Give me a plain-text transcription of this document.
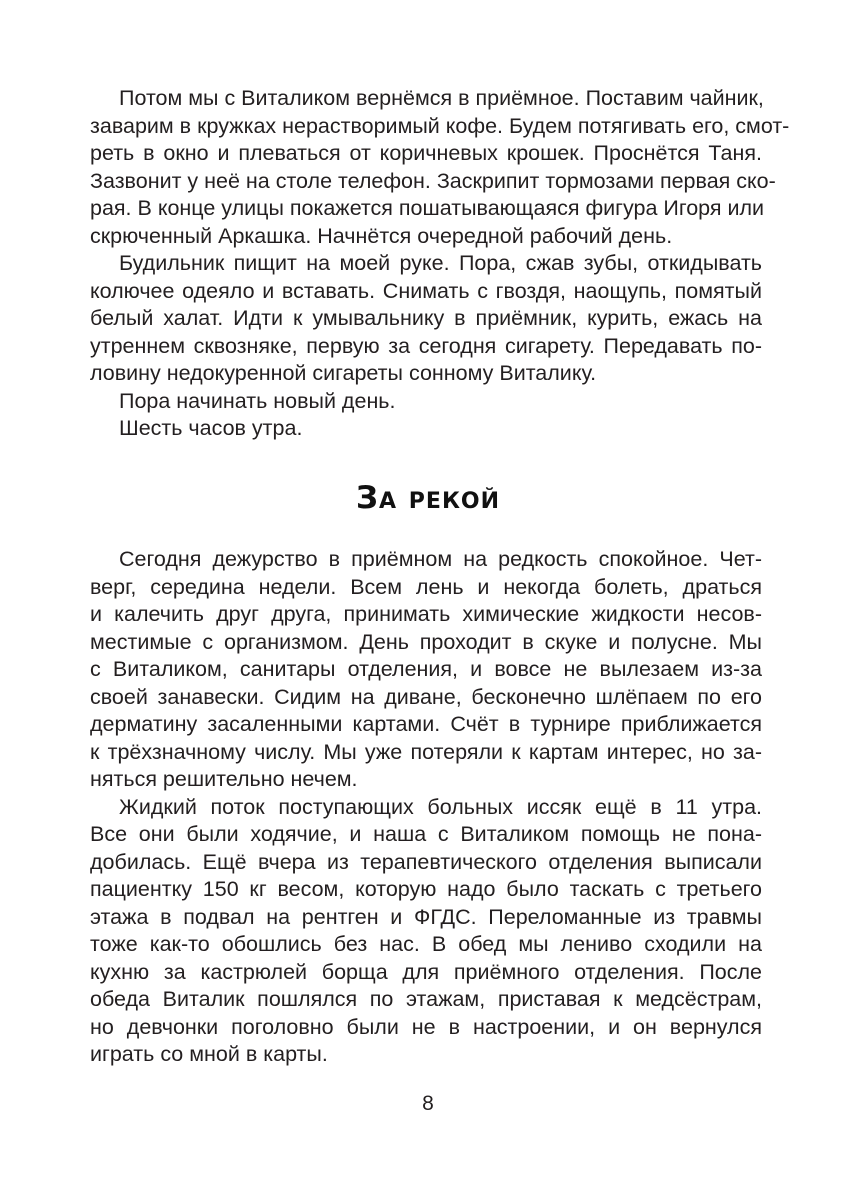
Потом мы с Виталиком вернёмся в приёмное. Поставим чайник,
заварим в кружках нерастворимый кофе. Будем потягивать его, смот-
реть в окно и плеваться от коричневых крошек. Проснётся Таня.
Зазвонит у неё на столе телефон. Заскрипит тормозами первая ско-
рая. В конце улицы покажется пошатывающаяся фигура Игоря или
скрюченный Аркашка. Начнётся очередной рабочий день.
Будильник пищит на моей руке. Пора, сжав зубы, откидывать
колючее одеяло и вставать. Снимать с гвоздя, наощупь, помятый
белый халат. Идти к умывальнику в приёмник, курить, ежась на
утреннем сквозняке, первую за сегодня сигарету. Передавать по-
ловину недокуренной сигареты сонному Виталику.
Пора начинать новый день.
Шесть часов утра.
За рекой
Сегодня дежурство в приёмном на редкость спокойное. Чет-
верг, середина недели. Всем лень и некогда болеть, драться
и калечить друг друга, принимать химические жидкости несов-
местимые с организмом. День проходит в скуке и полусне. Мы
с Виталиком, санитары отделения, и вовсе не вылезаем из-за
своей занавески. Сидим на диване, бесконечно шлёпаем по его
дерматину засаленными картами. Счёт в турнире приближается
к трёхзначному числу. Мы уже потеряли к картам интерес, но за-
няться решительно нечем.
Жидкий поток поступающих больных иссяк ещё в 11 утра.
Все они были ходячие, и наша с Виталиком помощь не пона-
добилась. Ещё вчера из терапевтического отделения выписали
пациентку 150 кг весом, которую надо было таскать с третьего
этажа в подвал на рентген и ФГДС. Переломанные из травмы
тоже как-то обошлись без нас. В обед мы лениво сходили на
кухню за кастрюлей борща для приёмного отделения. После
обеда Виталик пошлялся по этажам, приставая к медсёстрам,
но девчонки поголовно были не в настроении, и он вернулся
играть со мной в карты.
8
